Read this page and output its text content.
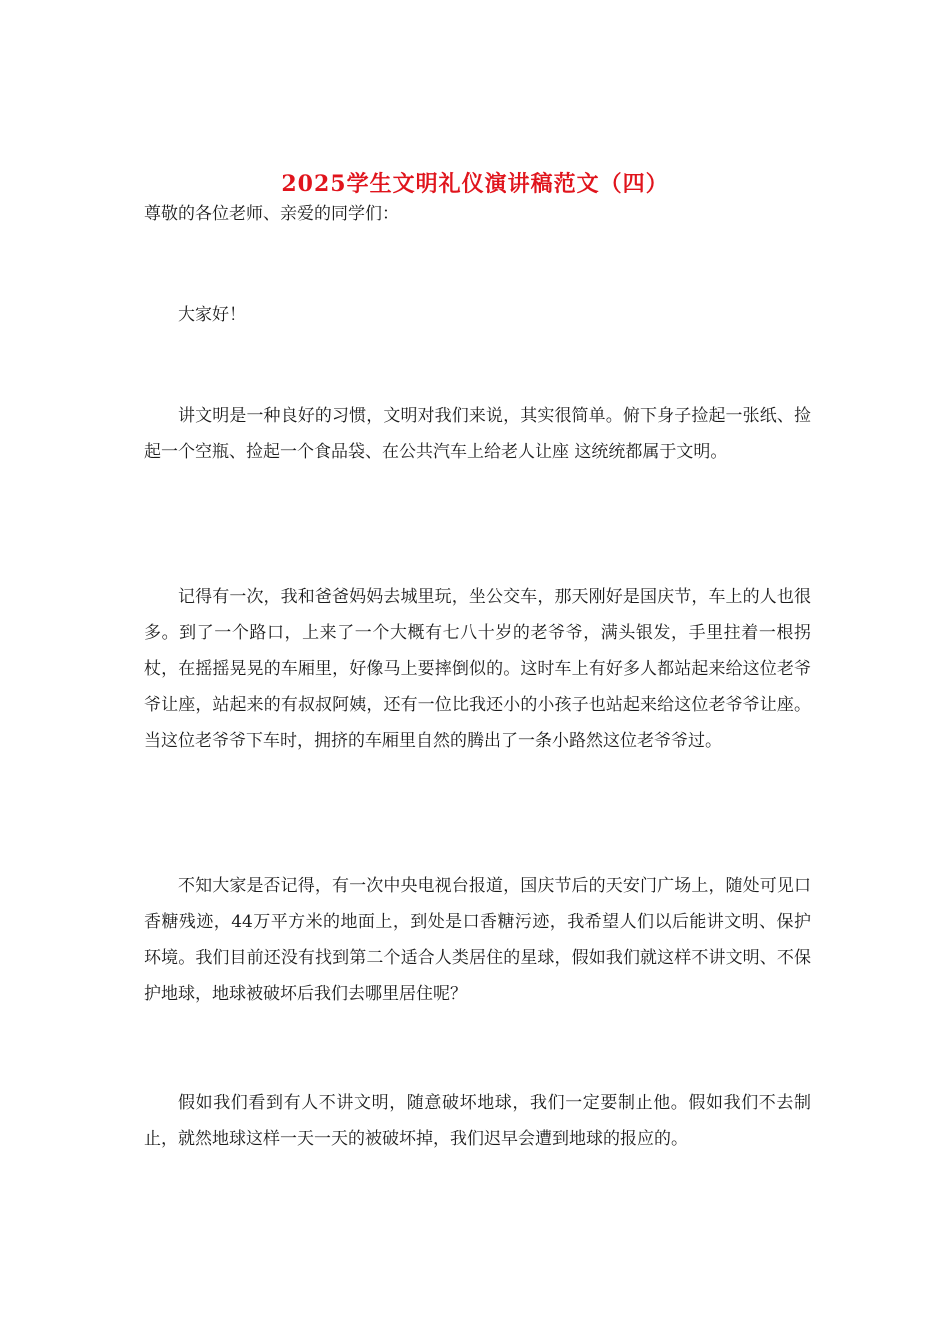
2025学生文明礼仪演讲稿范文（四）

尊敬的各位老师、亲爱的同学们：

大家好！

讲文明是一种良好的习惯，文明对我们来说，其实很简单。俯下身子捡起一张纸、捡起一个空瓶、捡起一个食品袋、在公共汽车上给老人让座 这统统都属于文明。

记得有一次，我和爸爸妈妈去城里玩，坐公交车，那天刚好是国庆节，车上的人也很多。到了一个路口，上来了一个大概有七八十岁的老爷爷，满头银发，手里拄着一根拐杖，在摇摇晃晃的车厢里，好像马上要摔倒似的。这时车上有好多人都站起来给这位老爷爷让座，站起来的有叔叔阿姨，还有一位比我还小的小孩子也站起来给这位老爷爷让座。当这位老爷爷下车时，拥挤的车厢里自然的腾出了一条小路然这位老爷爷过。

不知大家是否记得，有一次中央电视台报道，国庆节后的天安门广场上，随处可见口香糖残迹，44万平方米的地面上，到处是口香糖污迹，我希望人们以后能讲文明、保护环境。我们目前还没有找到第二个适合人类居住的星球，假如我们就这样不讲文明、不保护地球，地球被破坏后我们去哪里居住呢？

假如我们看到有人不讲文明，随意破坏地球，我们一定要制止他。假如我们不去制止，就然地球这样一天一天的被破坏掉，我们迟早会遭到地球的报应的。
